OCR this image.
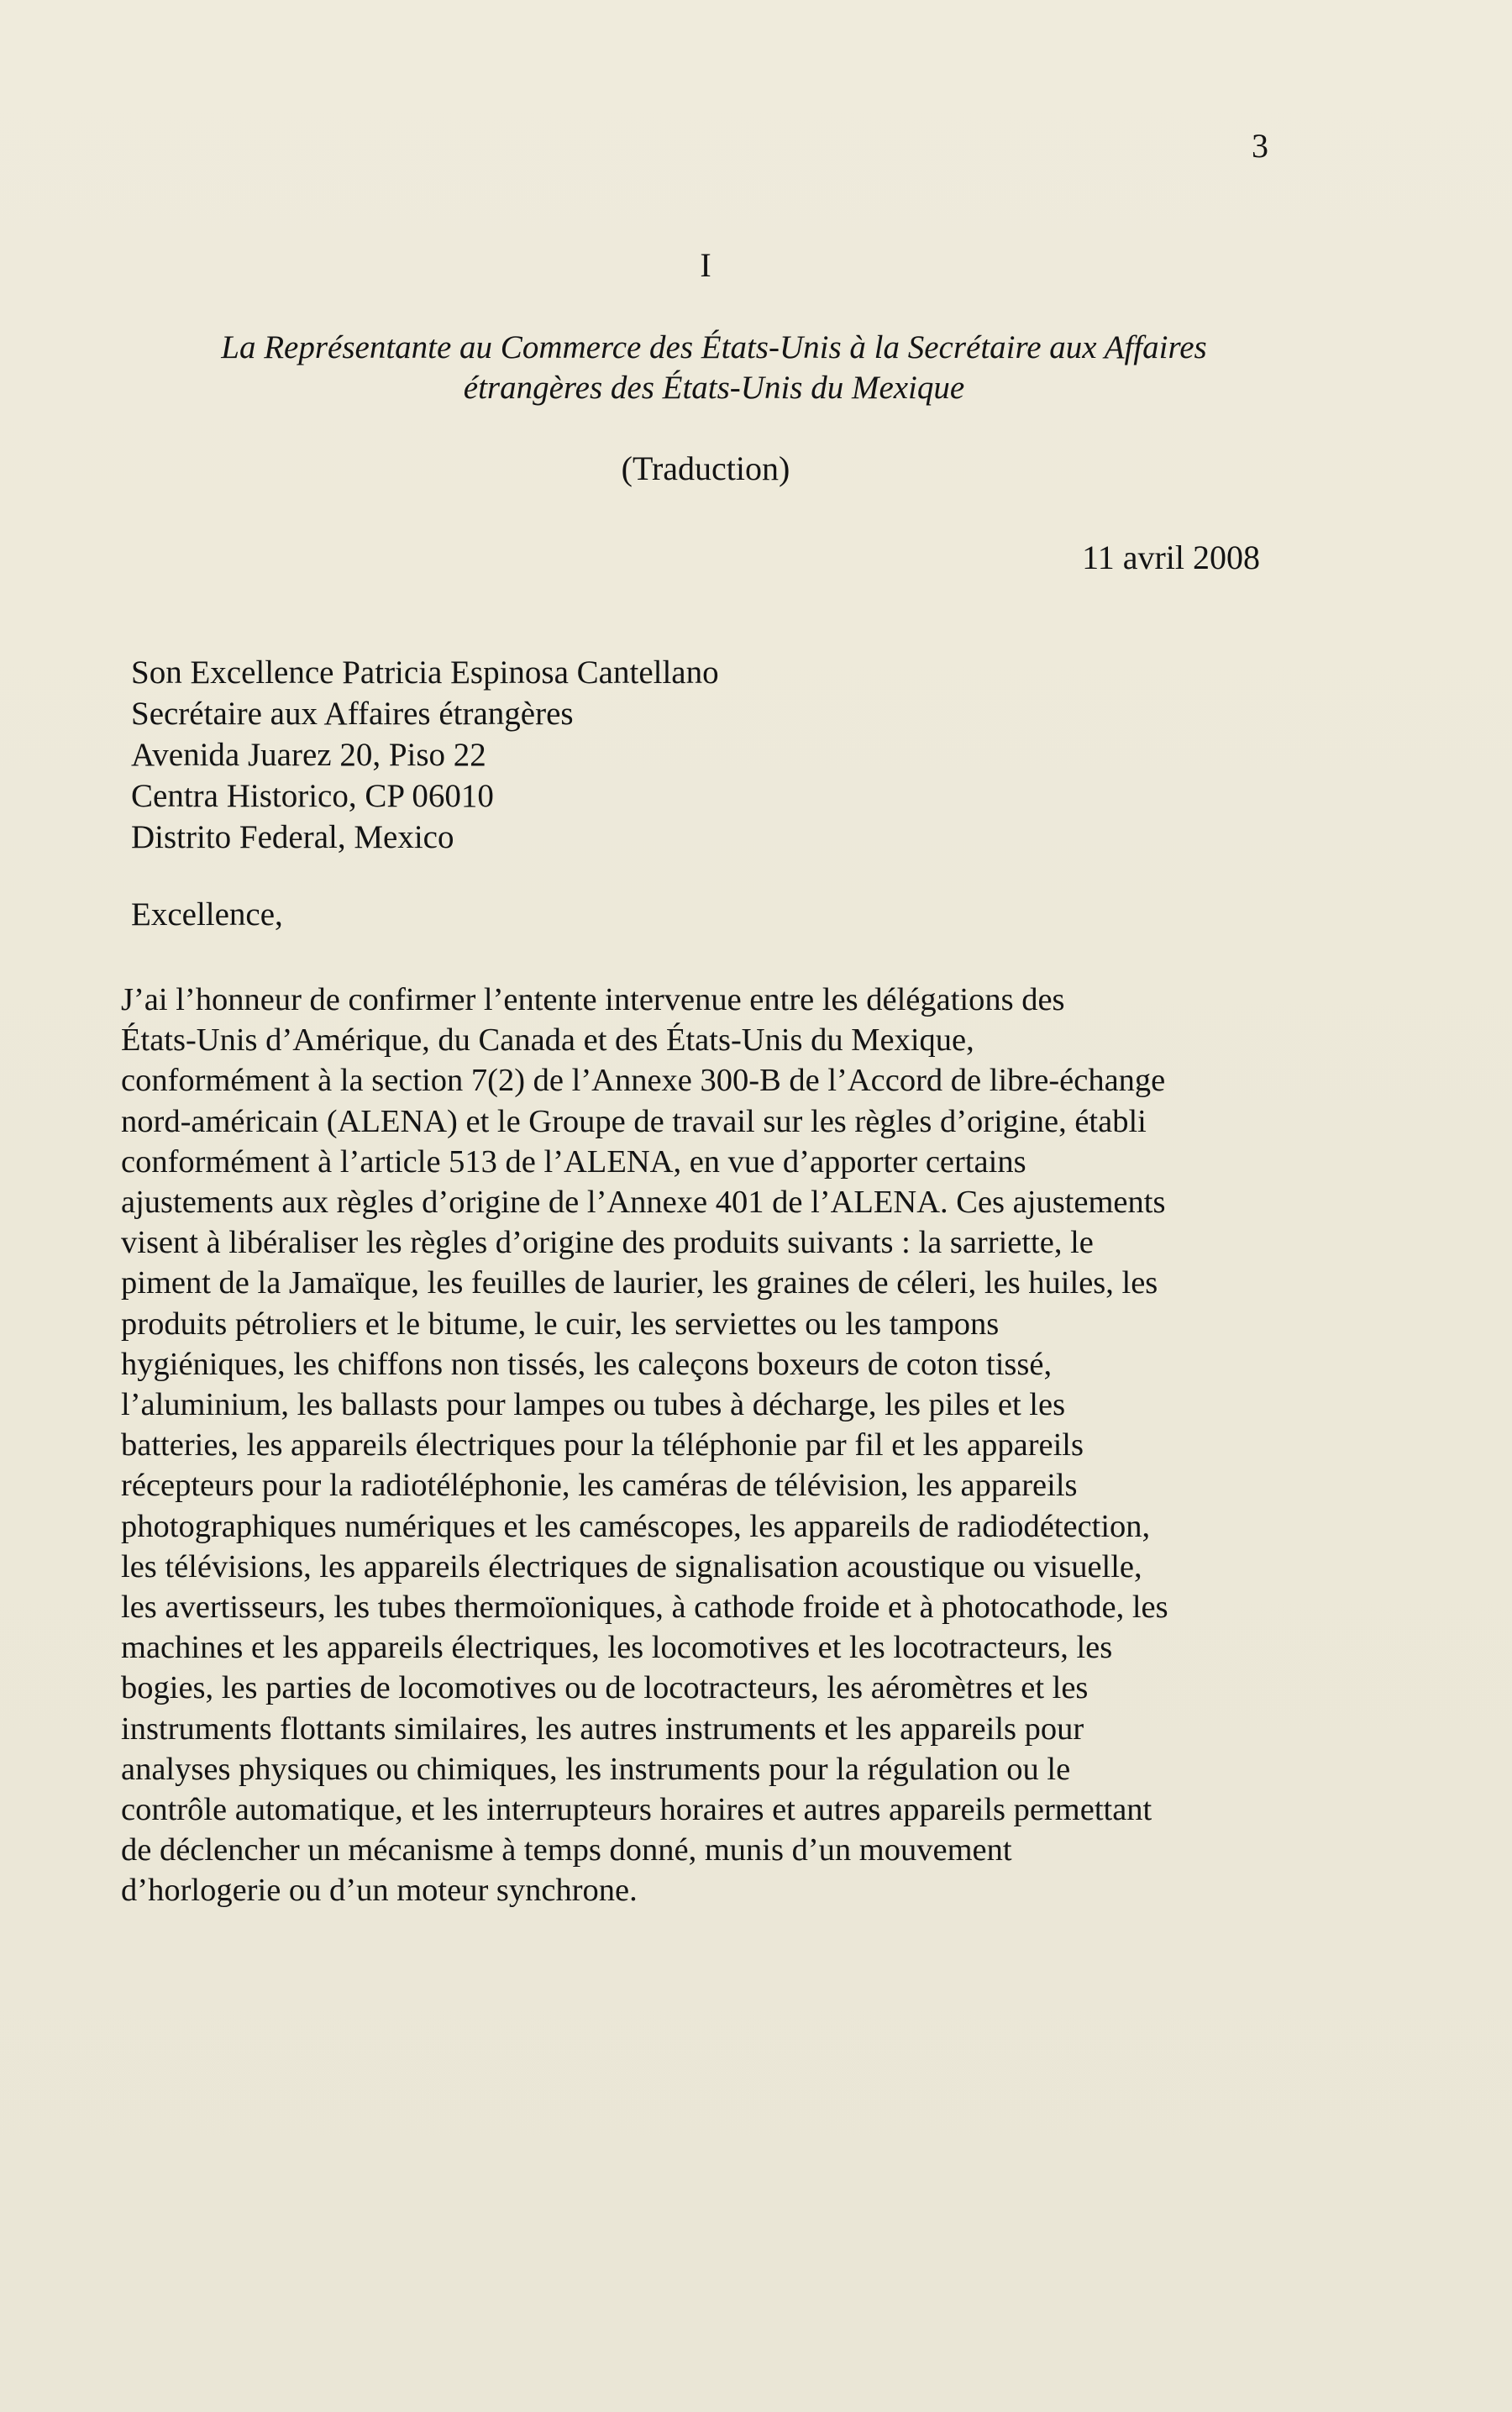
3
I
La Représentante au Commerce des États-Unis à la Secrétaire aux Affaires
étrangères des États-Unis du Mexique
(Traduction)
11 avril 2008
Son Excellence Patricia Espinosa Cantellano
Secrétaire aux Affaires étrangères
Avenida Juarez 20, Piso 22
Centra Historico, CP 06010
Distrito Federal, Mexico
Excellence,
J’ai l’honneur de confirmer l’entente intervenue entre les délégations des
États-Unis d’Amérique, du Canada et des États-Unis du Mexique,
conformément à la section 7(2) de l’Annexe 300-B de l’Accord de libre-échange
nord-américain (ALENA) et le Groupe de travail sur les règles d’origine, établi
conformément à l’article 513 de l’ALENA, en vue d’apporter certains
ajustements aux règles d’origine de l’Annexe 401 de l’ALENA. Ces ajustements
visent à libéraliser les règles d’origine des produits suivants : la sarriette, le
piment de la Jamaïque, les feuilles de laurier, les graines de céleri, les huiles, les
produits pétroliers et le bitume, le cuir, les serviettes ou les tampons
hygiéniques, les chiffons non tissés, les caleçons boxeurs de coton tissé,
l’aluminium, les ballasts pour lampes ou tubes à décharge, les piles et les
batteries, les appareils électriques pour la téléphonie par fil et les appareils
récepteurs pour la radiotéléphonie, les caméras de télévision, les appareils
photographiques numériques et les caméscopes, les appareils de radiodétection,
les télévisions, les appareils électriques de signalisation acoustique ou visuelle,
les avertisseurs, les tubes thermoïoniques, à cathode froide et à photocathode, les
machines et les appareils électriques, les locomotives et les locotracteurs, les
bogies, les parties de locomotives ou de locotracteurs, les aéromètres et les
instruments flottants similaires, les autres instruments et les appareils pour
analyses physiques ou chimiques, les instruments pour la régulation ou le
contrôle automatique, et les interrupteurs horaires et autres appareils permettant
de déclencher un mécanisme à temps donné, munis d’un mouvement
d’horlogerie ou d’un moteur synchrone.
